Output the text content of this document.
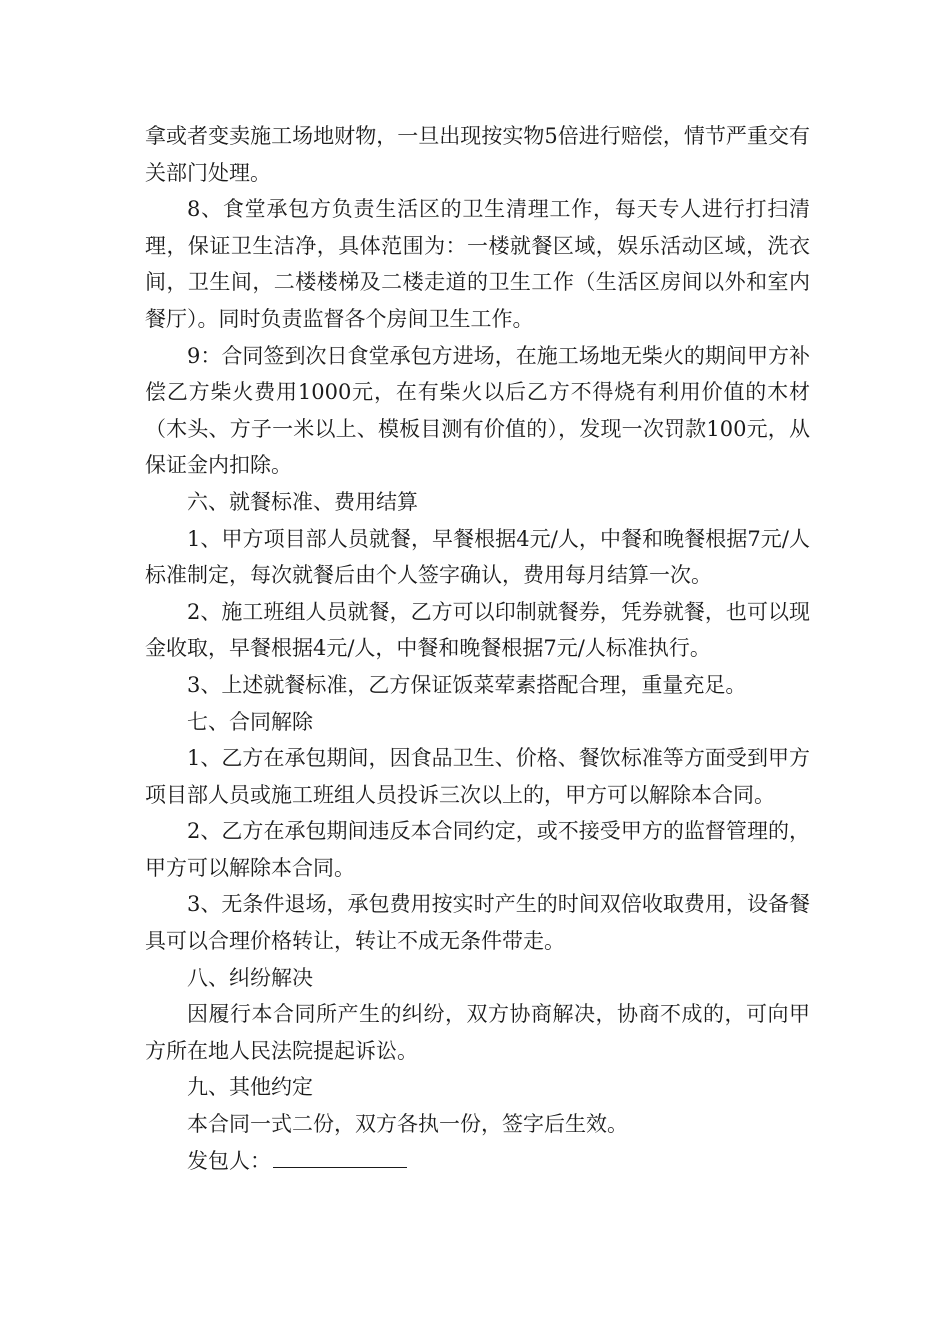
拿或者变卖施工场地财物，一旦出现按实物5倍进行赔偿，情节严重交有关部门处理。

8、食堂承包方负责生活区的卫生清理工作，每天专人进行打扫清理，保证卫生洁净，具体范围为：一楼就餐区域，娱乐活动区域，洗衣间，卫生间，二楼楼梯及二楼走道的卫生工作（生活区房间以外和室内餐厅）。同时负责监督各个房间卫生工作。

9：合同签到次日食堂承包方进场，在施工场地无柴火的期间甲方补偿乙方柴火费用1000元，在有柴火以后乙方不得烧有利用价值的木材（木头、方子一米以上、模板目测有价值的），发现一次罚款100元，从保证金内扣除。

六、就餐标准、费用结算

1、甲方项目部人员就餐，早餐根据4元/人，中餐和晚餐根据7元/人标准制定，每次就餐后由个人签字确认，费用每月结算一次。

2、施工班组人员就餐，乙方可以印制就餐券，凭券就餐，也可以现金收取，早餐根据4元/人，中餐和晚餐根据7元/人标准执行。

3、上述就餐标准，乙方保证饭菜荤素搭配合理，重量充足。

七、合同解除

1、乙方在承包期间，因食品卫生、价格、餐饮标准等方面受到甲方项目部人员或施工班组人员投诉三次以上的，甲方可以解除本合同。

2、乙方在承包期间违反本合同约定，或不接受甲方的监督管理的，甲方可以解除本合同。

3、无条件退场，承包费用按实时产生的时间双倍收取费用，设备餐具可以合理价格转让，转让不成无条件带走。

八、纠纷解决

因履行本合同所产生的纠纷，双方协商解决，协商不成的，可向甲方所在地人民法院提起诉讼。

九、其他约定

本合同一式二份，双方各执一份，签字后生效。

发包人：
